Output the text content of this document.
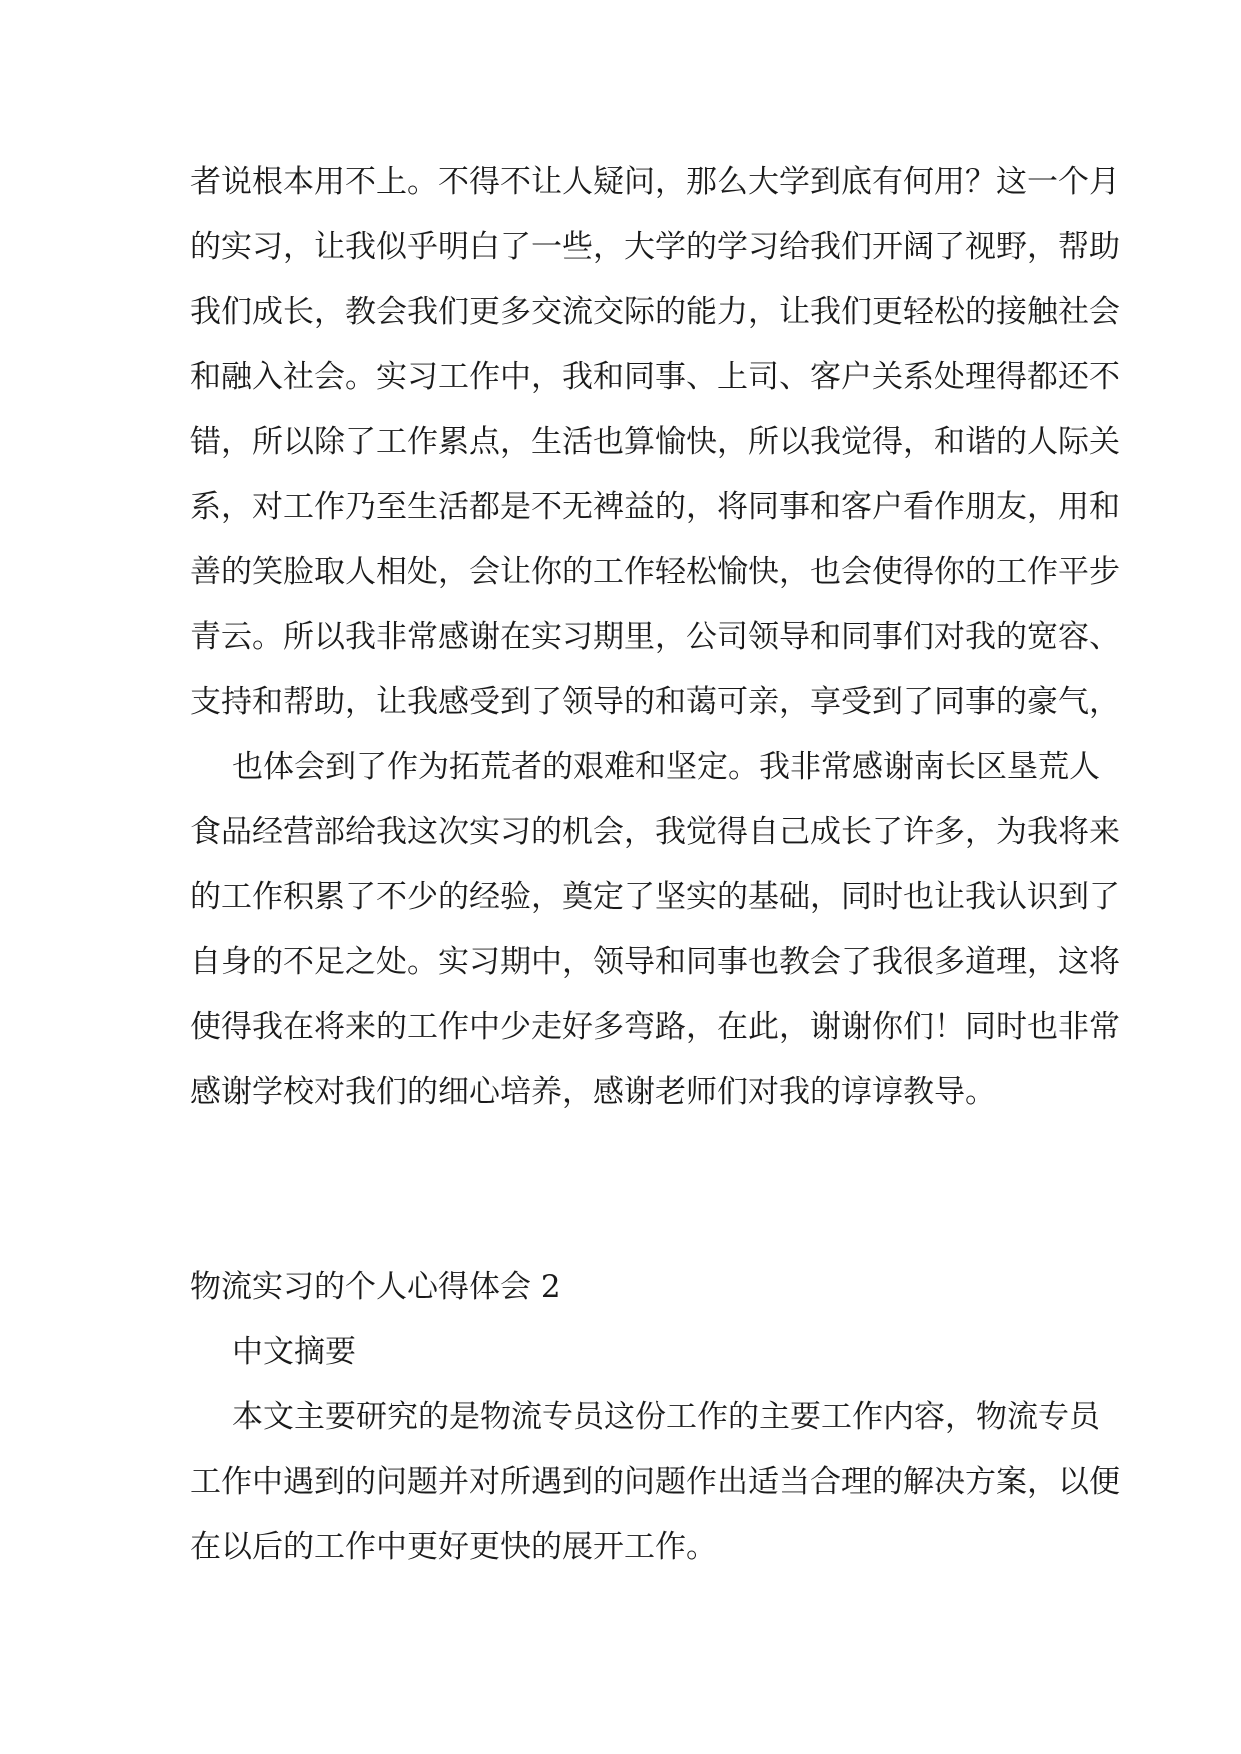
者说根本用不上。不得不让人疑问，那么大学到底有何用？这一个月

的实习，让我似乎明白了一些，大学的学习给我们开阔了视野，帮助

我们成长，教会我们更多交流交际的能力，让我们更轻松的接触社会

和融入社会。实习工作中，我和同事、上司、客户关系处理得都还不

错，所以除了工作累点，生活也算愉快，所以我觉得，和谐的人际关

系，对工作乃至生活都是不无裨益的，将同事和客户看作朋友，用和

善的笑脸取人相处，会让你的工作轻松愉快，也会使得你的工作平步

青云。所以我非常感谢在实习期里，公司领导和同事们对我的宽容、

支持和帮助，让我感受到了领导的和蔼可亲，享受到了同事的豪气，

也体会到了作为拓荒者的艰难和坚定。我非常感谢南长区垦荒人

食品经营部给我这次实习的机会，我觉得自己成长了许多，为我将来

的工作积累了不少的经验，奠定了坚实的基础，同时也让我认识到了

自身的不足之处。实习期中，领导和同事也教会了我很多道理，这将

使得我在将来的工作中少走好多弯路，在此，谢谢你们！同时也非常

感谢学校对我们的细心培养，感谢老师们对我的谆谆教导。

物流实习的个人心得体会 2

中文摘要

本文主要研究的是物流专员这份工作的主要工作内容，物流专员

工作中遇到的问题并对所遇到的问题作出适当合理的解决方案，以便

在以后的工作中更好更快的展开工作。
